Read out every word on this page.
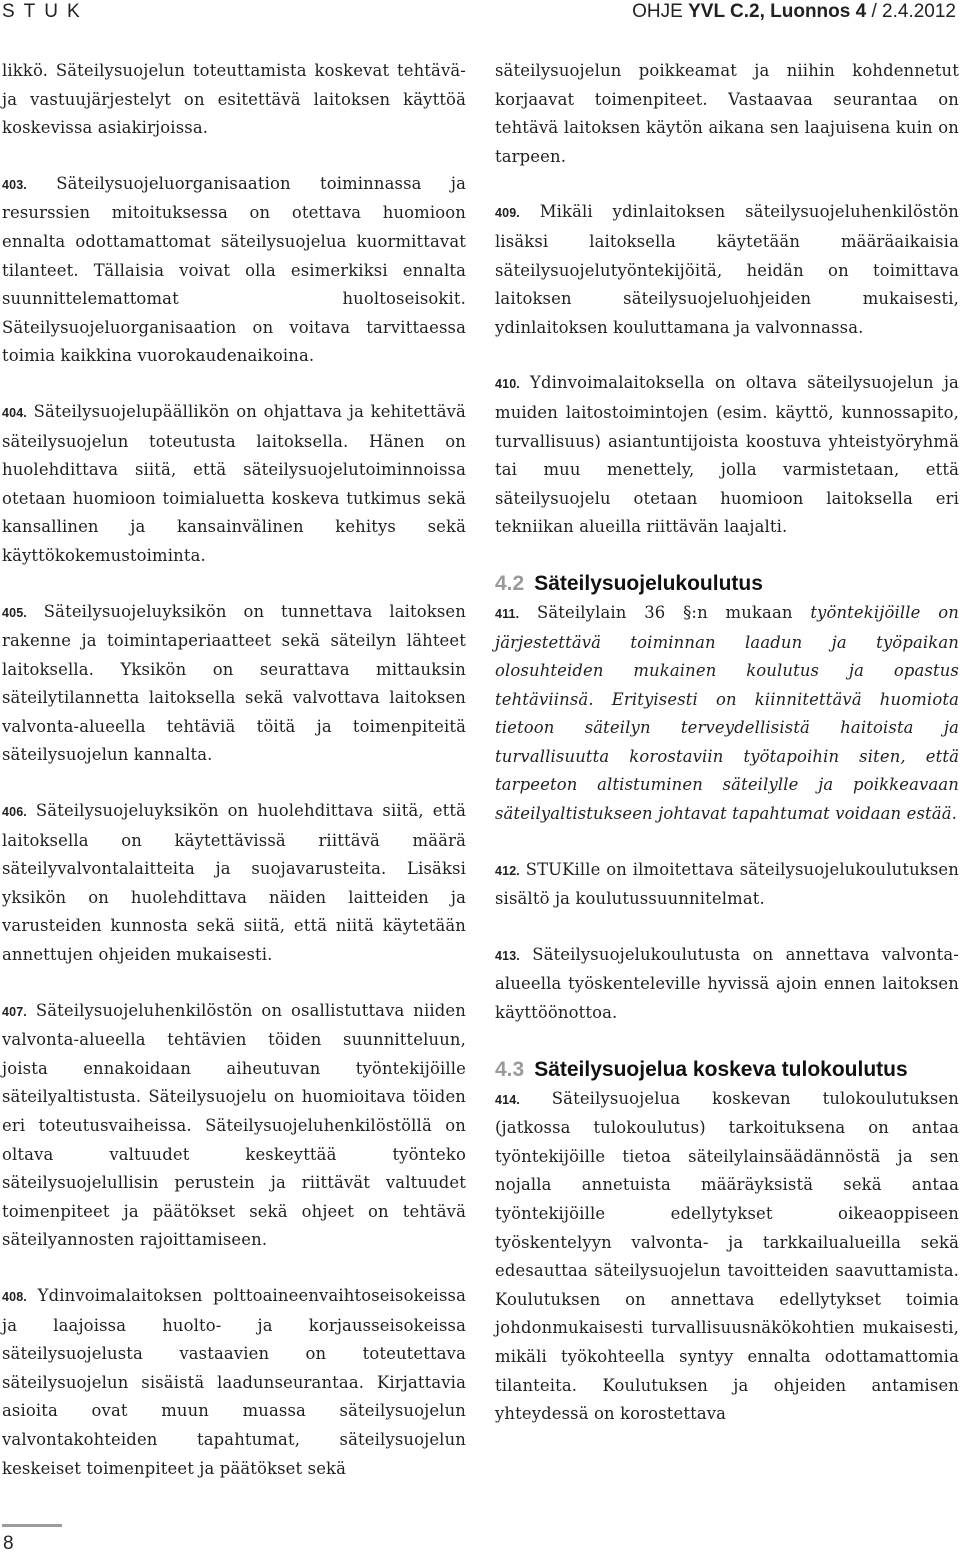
STUK	OHJE YVL C.2, Luonnos 4 / 2.4.2012

likkö. Säteilysuojelun toteuttamista koskevat tehtävä- ja vastuujärjestelyt on esitettävä laitoksen käyttöä koskevissa asiakirjoissa.

403. Säteilysuojeluorganisaation toiminnassa ja resurssien mitoituksessa on otettava huomioon ennalta odottamattomat säteilysuojelua kuormittavat tilanteet. Tällaisia voivat olla esimerkiksi ennalta suunnittelemattomat huoltoseisokit. Säteilysuojeluorganisaation on voitava tarvittaessa toimia kaikkina vuorokaudenaikoina.

404. Säteilysuojelupäällikön on ohjattava ja kehitettävä säteilysuojelun toteutusta laitoksella. Hänen on huolehdittava siitä, että säteilysuojelutoiminnoissa otetaan huomioon toimialuetta koskeva tutkimus sekä kansallinen ja kansainvälinen kehitys sekä käyttökokemustoiminta.

405. Säteilysuojeluyksikön on tunnettava laitoksen rakenne ja toimintaperiaatteet sekä säteilyn lähteet laitoksella. Yksikön on seurattava mittauksin säteilytilannetta laitoksella sekä valvottava laitoksen valvonta-alueella tehtäviä töitä ja toimenpiteitä säteilysuojelun kannalta.

406. Säteilysuojeluyksikön on huolehdittava siitä, että laitoksella on käytettävissä riittävä määrä säteilyvalvontalaitteita ja suojavarusteita. Lisäksi yksikön on huolehdittava näiden laitteiden ja varusteiden kunnosta sekä siitä, että niitä käytetään annettujen ohjeiden mukaisesti.

407. Säteilysuojeluhenkilöstön on osallistuttava niiden valvonta-alueella tehtävien töiden suunnitteluun, joista ennakoidaan aiheutuvan työntekijöille säteilyaltistusta. Säteilysuojelu on huomioitava töiden eri toteutusvaiheissa. Säteilysuojeluhenkilöstöllä on oltava valtuudet keskeyttää työnteko säteilysuojelullisin perustein ja riittävät valtuudet toimenpiteet ja päätökset sekä ohjeet on tehtävä säteilyannosten rajoittamiseen.

408. Ydinvoimalaitoksen polttoaineenvaihtoseisokeissa ja laajoissa huolto- ja korjausseisokeissa säteilysuojelusta vastaavien on toteutettava säteilysuojelun sisäistä laadunseurantaa. Kirjattavia asioita ovat muun muassa säteilysuojelun valvontakohteiden tapahtumat, säteilysuojelun keskeiset toimenpiteet ja päätökset sekä

säteilysuojelun poikkeamat ja niihin kohdennetut korjaavat toimenpiteet. Vastaavaa seurantaa on tehtävä laitoksen käytön aikana sen laajuisena kuin on tarpeen.

409. Mikäli ydinlaitoksen säteilysuojeluhenkilöstön lisäksi laitoksella käytetään määräaikaisia säteilysuojelutyöntekijöitä, heidän on toimittava laitoksen säteilysuojeluohjeiden mukaisesti, ydinlaitoksen kouluttamana ja valvonnassa.

410. Ydinvoimalaitoksella on oltava säteilysuojelun ja muiden laitostoimintojen (esim. käyttö, kunnossapito, turvallisuus) asiantuntijoista koostuva yhteistyöryhmä tai muu menettely, jolla varmistetaan, että säteilysuojelu otetaan huomioon laitoksella eri tekniikan alueilla riittävän laajalti.

4.2 Säteilysuojelukoulutus

411. Säteilylain 36 §:n mukaan työntekijöille on järjestettävä toiminnan laadun ja työpaikan olosuhteiden mukainen koulutus ja opastus tehtäviinsä. Erityisesti on kiinnitettävä huomiota tietoon säteilyn terveydellisistä haitoista ja turvallisuutta korostaviin työtapoihin siten, että tarpeeton altistuminen säteilylle ja poikkeavaan säteilyaltistukseen johtavat tapahtumat voidaan estää.

412. STUKille on ilmoitettava säteilysuojelukoulutuksen sisältö ja koulutussuunnitelmat.

413. Säteilysuojelukoulutusta on annettava valvonta-alueella työskenteleville hyvissä ajoin ennen laitoksen käyttöönottoa.

4.3 Säteilysuojelua koskeva tulokoulutus

414. Säteilysuojelua koskevan tulokoulutuksen (jatkossa tulokoulutus) tarkoituksena on antaa työntekijöille tietoa säteilylainsäädännöstä ja sen nojalla annetuista määräyksistä sekä antaa työntekijöille edellytykset oikeaoppiseen työskentelyyn valvonta- ja tarkkailualueilla sekä edesauttaa säteilysuojelun tavoitteiden saavuttamista. Koulutuksen on annettava edellytykset toimia johdonmukaisesti turvallisuusnäkökohtien mukaisesti, mikäli työkohteella syntyy ennalta odottamattomia tilanteita. Koulutuksen ja ohjeiden antamisen yhteydessä on korostettava

8
